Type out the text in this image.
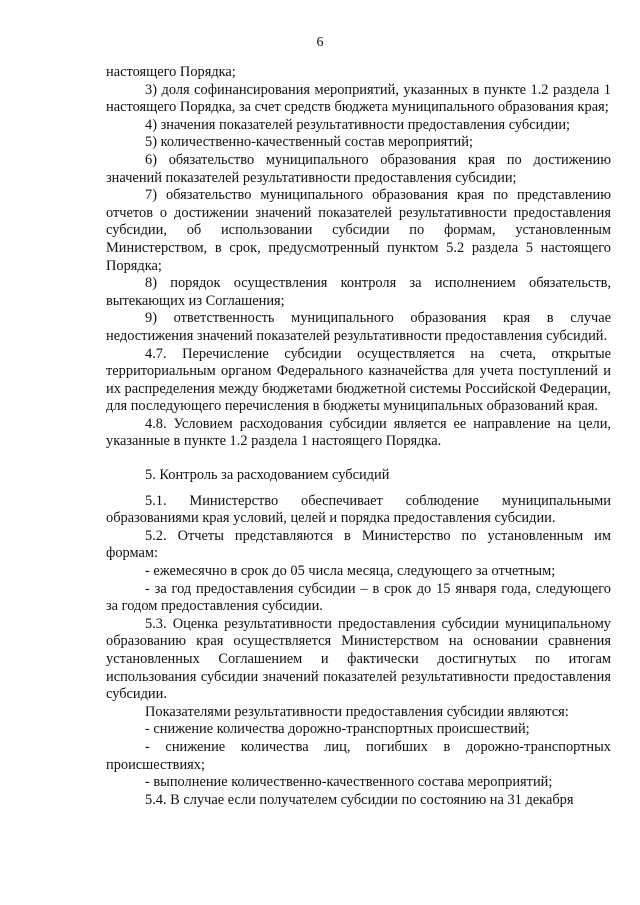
6

настоящего Порядка;

3) доля софинансирования мероприятий, указанных в пункте 1.2 раздела 1 настоящего Порядка, за счет средств бюджета муниципального образования края;

4) значения показателей результативности предоставления субсидии;

5) количественно-качественный состав мероприятий;

6) обязательство муниципального образования края по достижению значений показателей результативности предоставления субсидии;

7) обязательство муниципального образования края по представлению отчетов о достижении значений показателей результативности предоставления субсидии, об использовании субсидии по формам, установленным Министерством, в срок, предусмотренный пунктом 5.2 раздела 5 настоящего Порядка;

8) порядок осуществления контроля за исполнением обязательств, вытекающих из Соглашения;

9) ответственность муниципального образования края в случае недостижения значений показателей результативности предоставления субсидий.

4.7. Перечисление субсидии осуществляется на счета, открытые территориальным органом Федерального казначейства для учета поступлений и их распределения между бюджетами бюджетной системы Российской Федерации, для последующего перечисления в бюджеты муниципальных образований края.

4.8. Условием расходования субсидии является ее направление на цели, указанные в пункте 1.2 раздела 1 настоящего Порядка.

5. Контроль за расходованием субсидий

5.1. Министерство обеспечивает соблюдение муниципальными образованиями края условий, целей и порядка предоставления субсидии.

5.2. Отчеты представляются в Министерство по установленным им формам:

- ежемесячно в срок до 05 числа месяца, следующего за отчетным;

- за год предоставления субсидии – в срок до 15 января года, следующего за годом предоставления субсидии.

5.3. Оценка результативности предоставления субсидии муниципальному образованию края осуществляется Министерством на основании сравнения установленных Соглашением и фактически достигнутых по итогам использования субсидии значений показателей результативности предоставления субсидии.

Показателями результативности предоставления субсидии являются:

- снижение количества дорожно-транспортных происшествий;

- снижение количества лиц, погибших в дорожно-транспортных происшествиях;

- выполнение количественно-качественного состава мероприятий;

5.4. В случае если получателем субсидии по состоянию на 31 декабря
